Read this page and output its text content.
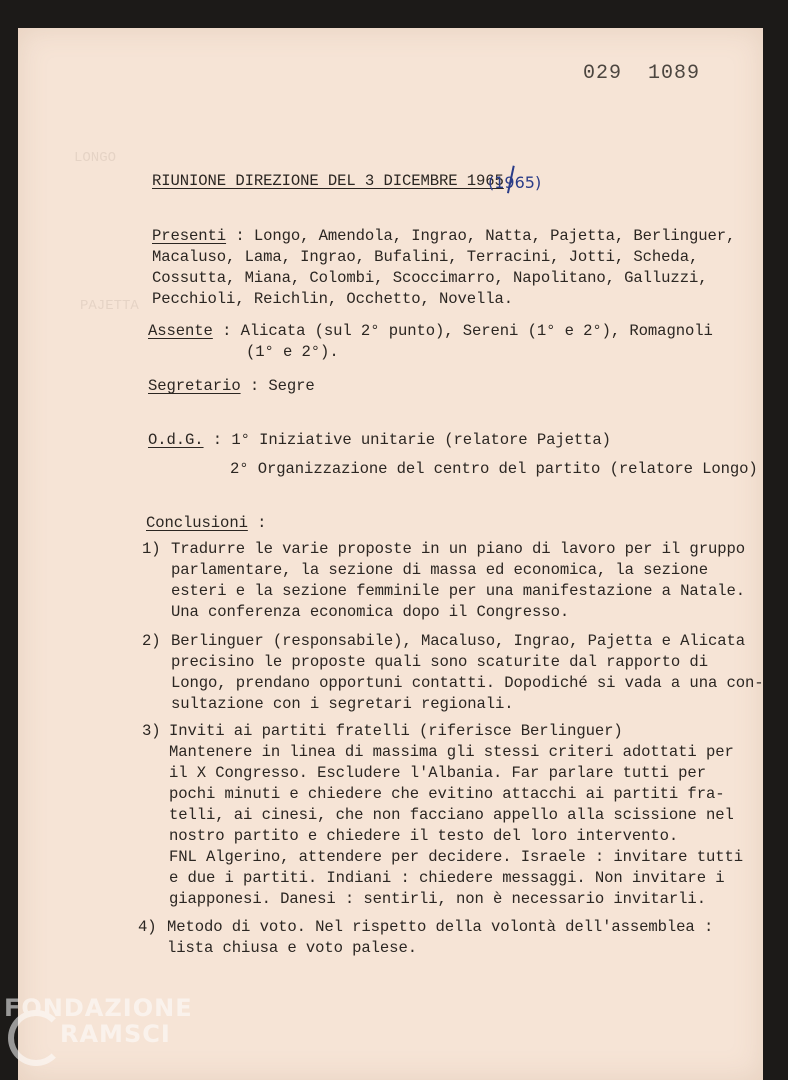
LONGO
PAJETTA
029  1089
RIUNIONE DIREZIONE DEL 3 DICEMBRE 1965
(1965)
Presenti : Longo, Amendola, Ingrao, Natta, Pajetta, Berlinguer,
Macaluso, Lama, Ingrao, Bufalini, Terracini, Jotti, Scheda,
Cossutta, Miana, Colombi, Scoccimarro, Napolitano, Galluzzi,
Pecchioli, Reichlin, Occhetto, Novella.
Assente : Alicata (sul 2° punto), Sereni (1° e 2°), Romagnoli
(1° e 2°).
Segretario : Segre
O.d.G. : 1° Iniziative unitarie (relatore Pajetta)
2° Organizzazione del centro del partito (relatore Longo)
Conclusioni :
1) Tradurre le varie proposte in un piano di lavoro per il gruppo
parlamentare, la sezione di massa ed economica, la sezione
esteri e la sezione femminile per una manifestazione a Natale.
Una conferenza economica dopo il Congresso.
2) Berlinguer (responsabile), Macaluso, Ingrao, Pajetta e Alicata
precisino le proposte quali sono scaturite dal rapporto di
Longo, prendano opportuni contatti. Dopodiché si vada a una con-
sultazione con i segretari regionali.
3) Inviti ai partiti fratelli (riferisce Berlinguer)
Mantenere in linea di massima gli stessi criteri adottati per
il X Congresso. Escludere l'Albania. Far parlare tutti per
pochi minuti e chiedere che evitino attacchi ai partiti fra-
telli, ai cinesi, che non facciano appello alla scissione nel
nostro partito e chiedere il testo del loro intervento.
FNL Algerino, attendere per decidere. Israele : invitare tutti
e due i partiti. Indiani : chiedere messaggi. Non invitare i
giapponesi. Danesi : sentirli, non è necessario invitarli.
4) Metodo di voto. Nel rispetto della volontà dell'assemblea :
lista chiusa e voto palese.
FONDAZIONE
RAMSCI
